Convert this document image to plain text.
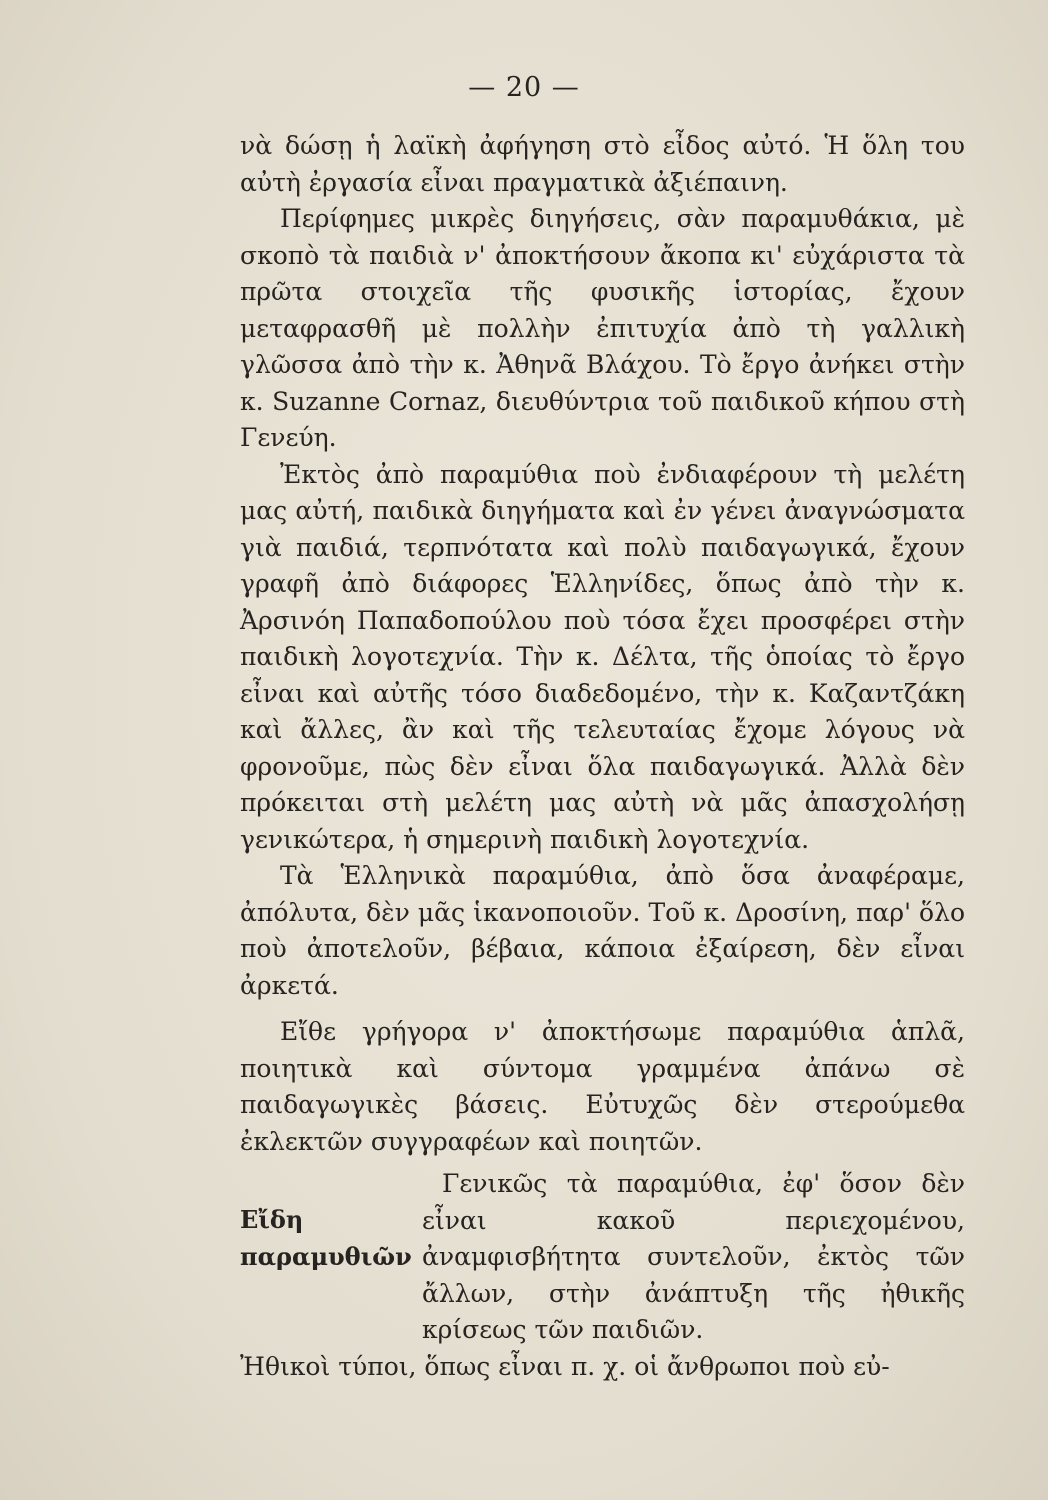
— 20 —

νὰ δώσῃ ἡ λαϊκὴ ἀφήγηση στὸ εἶδος αὐτό. Ἡ ὅλη του αὐτὴ ἐργασία εἶναι πραγματικὰ ἀξιέπαινη.

Περίφημες μικρὲς διηγήσεις, σὰν παραμυθάκια, μὲ σκοπὸ τὰ παιδιὰ ν' ἀποκτήσουν ἄκοπα κι' εὐχάριστα τὰ πρῶτα στοιχεῖα τῆς φυσικῆς ἱστορίας, ἔχουν μεταφρασθῆ μὲ πολλὴν ἐπιτυχία ἀπὸ τὴ γαλλικὴ γλῶσσα ἀπὸ τὴν κ. Ἀθηνᾶ Βλάχου. Τὸ ἔργο ἀνήκει στὴν κ. Suzanne Cornaz, διευθύντρια τοῦ παιδικοῦ κήπου στὴ Γενεύη.

Ἐκτὸς ἀπὸ παραμύθια ποὺ ἐνδιαφέρουν τὴ μελέτη μας αὐτή, παιδικὰ διηγήματα καὶ ἐν γένει ἀναγνώσματα γιὰ παιδιά, τερπνότατα καὶ πολὺ παιδαγωγικά, ἔχουν γραφῆ ἀπὸ διάφορες Ἑλληνίδες, ὅπως ἀπὸ τὴν κ. Ἀρσινόη Παπαδοπούλου ποὺ τόσα ἔχει προσφέρει στὴν παιδικὴ λογοτεχνία. Τὴν κ. Δέλτα, τῆς ὁποίας τὸ ἔργο εἶναι καὶ αὐτῆς τόσο διαδεδομένο, τὴν κ. Καζαντζάκη καὶ ἄλλες, ἂν καὶ τῆς τελευταίας ἔχομε λόγους νὰ φρονοῦμε, πὼς δὲν εἶναι ὅλα παιδαγωγικά. Ἀλλὰ δὲν πρόκειται στὴ μελέτη μας αὐτὴ νὰ μᾶς ἀπασχολήσῃ γενικώτερα, ἡ σημερινὴ παιδικὴ λογοτεχνία.

Τὰ Ἑλληνικὰ παραμύθια, ἀπὸ ὅσα ἀναφέραμε, ἀπόλυτα, δὲν μᾶς ἱκανοποιοῦν. Τοῦ κ. Δροσίνη, παρ' ὅλο ποὺ ἀποτελοῦν, βέβαια, κάποια ἐξαίρεση, δὲν εἶναι ἀρκετά.

Εἴθε γρήγορα ν' ἀποκτήσωμε παραμύθια ἁπλᾶ, ποιητικὰ καὶ σύντομα γραμμένα ἀπάνω σὲ παιδαγωγικὲς βάσεις. Εὐτυχῶς δὲν στερούμεθα ἐκλεκτῶν συγγραφέων καὶ ποιητῶν.

Εἴδη παραμυθιῶν

Γενικῶς τὰ παραμύθια, ἐφ' ὅσον δὲν εἶναι κακοῦ περιεχομένου, ἀναμφισβήτητα συντελοῦν, ἐκτὸς τῶν ἄλλων, στὴν ἀνάπτυξη τῆς ἠθικῆς κρίσεως τῶν παιδιῶν.

Ἠθικοὶ τύποι, ὅπως εἶναι π. χ. οἱ ἄνθρωποι ποὺ εὐ-
